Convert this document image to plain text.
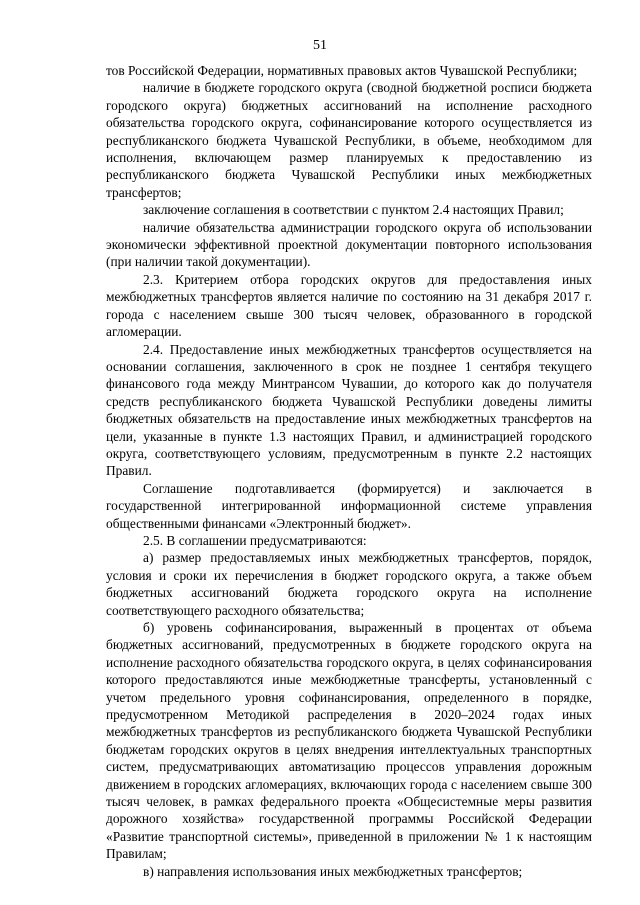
51

тов Российской Федерации, нормативных правовых актов Чувашской Республики;

наличие в бюджете городского округа (сводной бюджетной росписи бюджета городского округа) бюджетных ассигнований на исполнение расходного обязательства городского округа, софинансирование которого осуществляется из республиканского бюджета Чувашской Республики, в объеме, необходимом для исполнения, включающем размер планируемых к предоставлению из республиканского бюджета Чувашской Республики иных межбюджетных трансфертов;

заключение соглашения в соответствии с пунктом 2.4 настоящих Правил;

наличие обязательства администрации городского округа об использовании экономически эффективной проектной документации повторного использования (при наличии такой документации).

2.3. Критерием отбора городских округов для предоставления иных межбюджетных трансфертов является наличие по состоянию на 31 декабря 2017 г. города с населением свыше 300 тысяч человек, образованного в городской агломерации.

2.4. Предоставление иных межбюджетных трансфертов осуществляется на основании соглашения, заключенного в срок не позднее 1 сентября текущего финансового года между Минтрансом Чувашии, до которого как до получателя средств республиканского бюджета Чувашской Республики доведены лимиты бюджетных обязательств на предоставление иных межбюджетных трансфертов на цели, указанные в пункте 1.3 настоящих Правил, и администрацией городского округа, соответствующего условиям, предусмотренным в пункте 2.2 настоящих Правил.

Соглашение подготавливается (формируется) и заключается в государственной интегрированной информационной системе управления общественными финансами «Электронный бюджет».

2.5. В соглашении предусматриваются:

а) размер предоставляемых иных межбюджетных трансфертов, порядок, условия и сроки их перечисления в бюджет городского округа, а также объем бюджетных ассигнований бюджета городского округа на исполнение соответствующего расходного обязательства;

б) уровень софинансирования, выраженный в процентах от объема бюджетных ассигнований, предусмотренных в бюджете городского округа на исполнение расходного обязательства городского округа, в целях софинансирования которого предоставляются иные межбюджетные трансферты, установленный с учетом предельного уровня софинансирования, определенного в порядке, предусмотренном Методикой распределения в 2020–2024 годах иных межбюджетных трансфертов из республиканского бюджета Чувашской Республики бюджетам городских округов в целях внедрения интеллектуальных транспортных систем, предусматривающих автоматизацию процессов управления дорожным движением в городских агломерациях, включающих города с населением свыше 300 тысяч человек, в рамках федерального проекта «Общесистемные меры развития дорожного хозяйства» государственной программы Российской Федерации «Развитие транспортной системы», приведенной в приложении № 1 к настоящим Правилам;

в) направления использования иных межбюджетных трансфертов;
